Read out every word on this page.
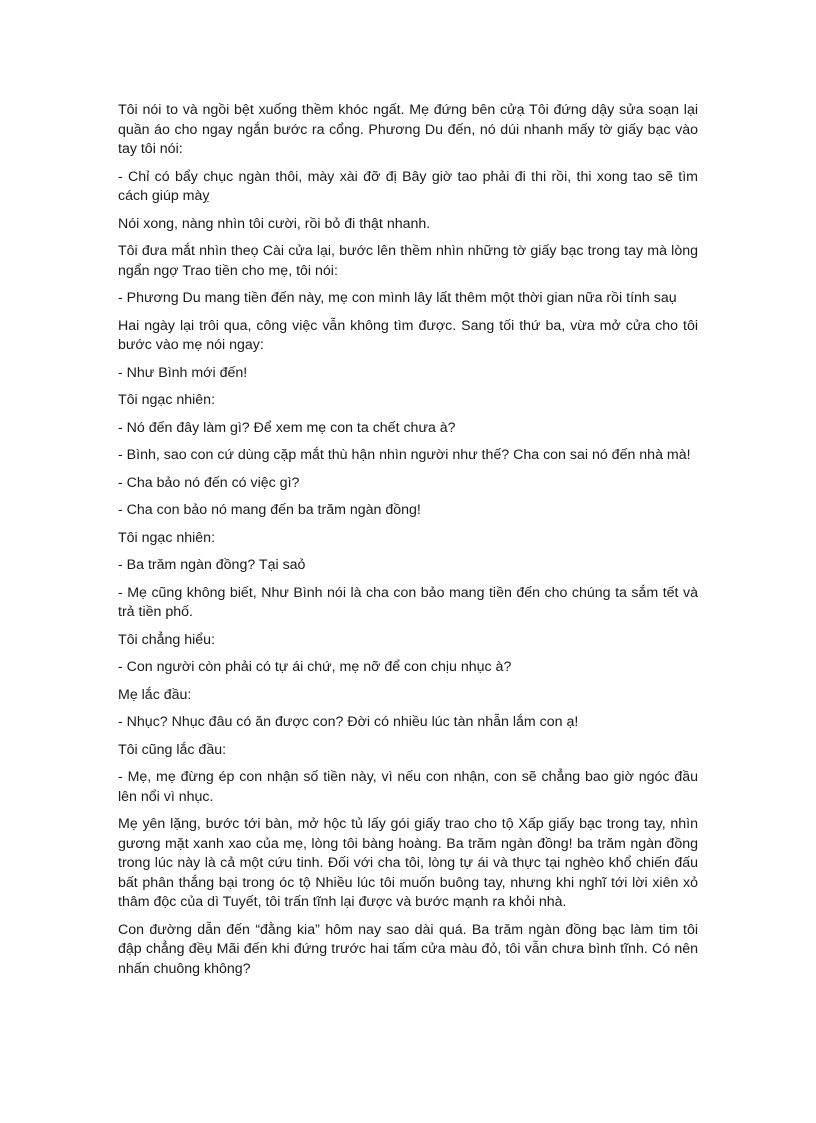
Tôi nói to và ngồi bệt xuống thềm khóc ngất. Mẹ đứng bên cửạ Tôi đứng dậy sửa soạn lại quần áo cho ngay ngắn bước ra cổng. Phương Du đến, nó dúi nhanh mấy tờ giấy bạc vào tay tôi nói:

- Chỉ có bẩy chục ngàn thôi, mày xài đỡ đị Bây giờ tao phải đi thi rồi, thi xong tao sẽ tìm cách giúp màỵ

Nói xong, nàng nhìn tôi cười, rồi bỏ đi thật nhanh.

Tôi đưa mắt nhìn theọ Cài cửa lại, bước lên thềm nhìn những tờ giấy bạc trong tay mà lòng ngẩn ngợ Trao tiền cho mẹ, tôi nói:

- Phương Du mang tiền đến này, mẹ con mình lây lất thêm một thời gian nữa rồi tính saụ

Hai ngày lại trôi qua, công việc vẫn không tìm được. Sang tối thứ ba, vừa mở cửa cho tôi bước vào mẹ nói ngay:

- Như Bình mới đến!

Tôi ngạc nhiên:

- Nó đến đây làm gì? Để xem mẹ con ta chết chưa à?

- Bình, sao con cứ dùng cặp mắt thù hận nhìn người như thế? Cha con sai nó đến nhà mà!

- Cha bảo nó đến có việc gì?

- Cha con bảo nó mang đến ba trăm ngàn đồng!

Tôi ngạc nhiên:

- Ba trăm ngàn đồng? Tại saỏ

- Mẹ cũng không biết, Như Bình nói là cha con bảo mang tiền đến cho chúng ta sắm tết và trả tiền phố.

Tôi chẳng hiểu:

- Con người còn phải có tự ái chứ, mẹ nỡ để con chịu nhục à?

Mẹ lắc đầu:

- Nhục? Nhục đâu có ăn được con? Đời có nhiều lúc tàn nhẫn lắm con ạ!

Tôi cũng lắc đầu:

- Mẹ, mẹ đừng ép con nhận số tiền này, vì nếu con nhận, con sẽ chẳng bao giờ ngóc đầu lên nổi vì nhục.

Mẹ yên lặng, bước tới bàn, mở hộc tủ lấy gói giấy trao cho tộ Xấp giấy bạc trong tay, nhìn gương mặt xanh xao của mẹ, lòng tôi bàng hoàng. Ba trăm ngàn đồng! ba trăm ngàn đồng trong lúc này là cả một cứu tinh. Đối với cha tôi, lòng tự ái và thực tại nghèo khổ chiến đấu bất phân thắng bại trong óc tộ Nhiều lúc tôi muốn buông tay, nhưng khi nghĩ tới lời xiên xỏ thâm độc của dì Tuyết, tôi trấn tĩnh lại được và bước mạnh ra khỏi nhà.

Con đường dẫn đến “đằng kia” hôm nay sao dài quá. Ba trăm ngàn đồng bạc làm tim tôi đập chẳng đềụ Mãi đến khi đứng trước hai tấm cửa màu đỏ, tôi vẫn chưa bình tĩnh. Có nên nhấn chuông không?
